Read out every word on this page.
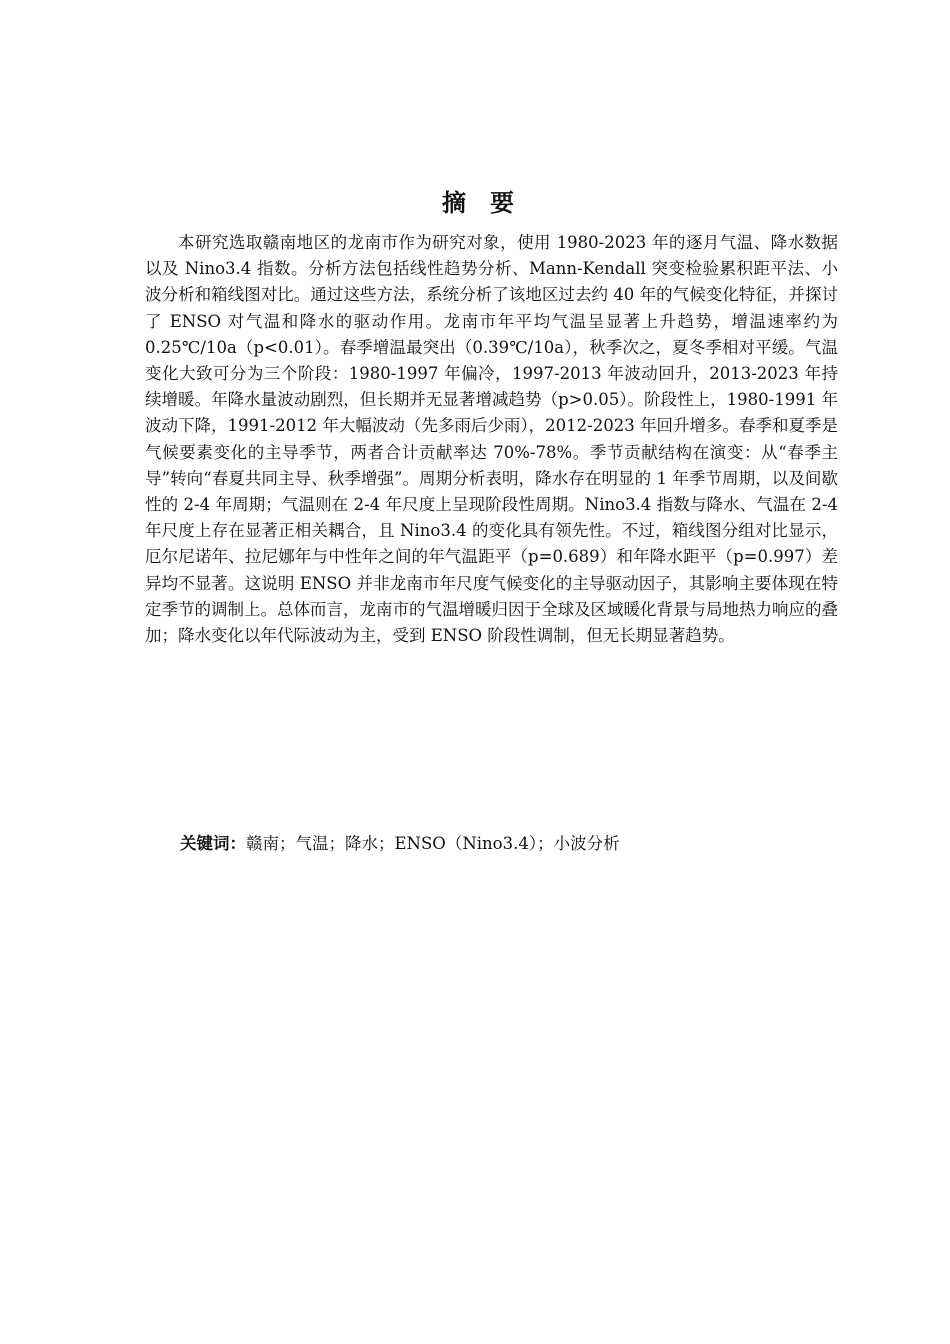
摘要

本研究选取赣南地区的龙南市作为研究对象，使用 1980-2023 年的逐月气温、降水数据以及 Nino3.4 指数。分析方法包括线性趋势分析、Mann-Kendall 突变检验累积距平法、小波分析和箱线图对比。通过这些方法，系统分析了该地区过去约 40 年的气候变化特征，并探讨了 ENSO 对气温和降水的驱动作用。龙南市年平均气温呈显著上升趋势，增温速率约为 0.25℃/10a（p<0.01）。春季增温最突出（0.39℃/10a），秋季次之，夏冬季相对平缓。气温变化大致可分为三个阶段：1980-1997 年偏冷，1997-2013 年波动回升，2013-2023 年持续增暖。年降水量波动剧烈，但长期并无显著增减趋势（p>0.05）。阶段性上，1980-1991 年波动下降，1991-2012 年大幅波动（先多雨后少雨），2012-2023 年回升增多。春季和夏季是气候要素变化的主导季节，两者合计贡献率达 70%-78%。季节贡献结构在演变：从“春季主导”转向“春夏共同主导、秋季增强”。周期分析表明，降水存在明显的 1 年季节周期，以及间歇性的 2-4 年周期；气温则在 2-4 年尺度上呈现阶段性周期。Nino3.4 指数与降水、气温在 2-4 年尺度上存在显著正相关耦合，且 Nino3.4 的变化具有领先性。不过，箱线图分组对比显示，厄尔尼诺年、拉尼娜年与中性年之间的年气温距平（p=0.689）和年降水距平（p=0.997）差异均不显著。这说明 ENSO 并非龙南市年尺度气候变化的主导驱动因子，其影响主要体现在特定季节的调制上。总体而言，龙南市的气温增暖归因于全球及区域暖化背景与局地热力响应的叠加；降水变化以年代际波动为主，受到 ENSO 阶段性调制，但无长期显著趋势。

关键词：赣南；气温；降水；ENSO（Nino3.4）；小波分析
